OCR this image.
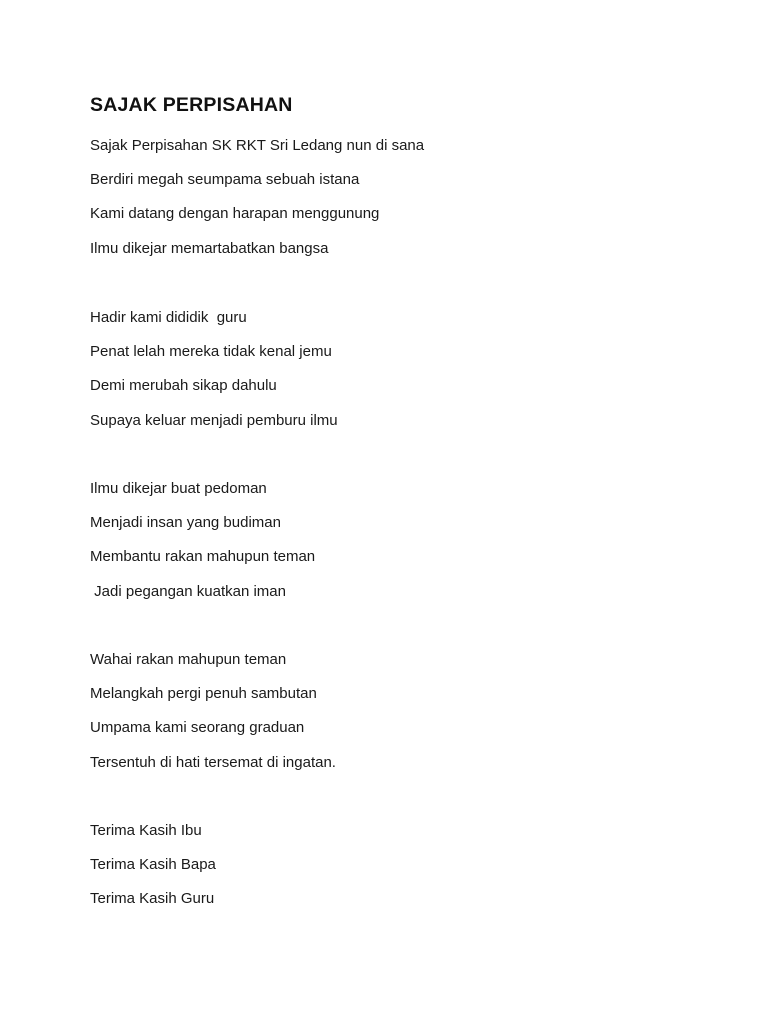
SAJAK PERPISAHAN
Sajak Perpisahan SK RKT Sri Ledang nun di sana
Berdiri megah seumpama sebuah istana
Kami datang dengan harapan menggunung
Ilmu dikejar memartabatkan bangsa
Hadir kami dididik  guru
Penat lelah mereka tidak kenal jemu
Demi merubah sikap dahulu
Supaya keluar menjadi pemburu ilmu
Ilmu dikejar buat pedoman
Menjadi insan yang budiman
Membantu rakan mahupun teman
Jadi pegangan kuatkan iman
Wahai rakan mahupun teman
Melangkah pergi penuh sambutan
Umpama kami seorang graduan
Tersentuh di hati tersemat di ingatan.
Terima Kasih Ibu
Terima Kasih Bapa
Terima Kasih Guru
